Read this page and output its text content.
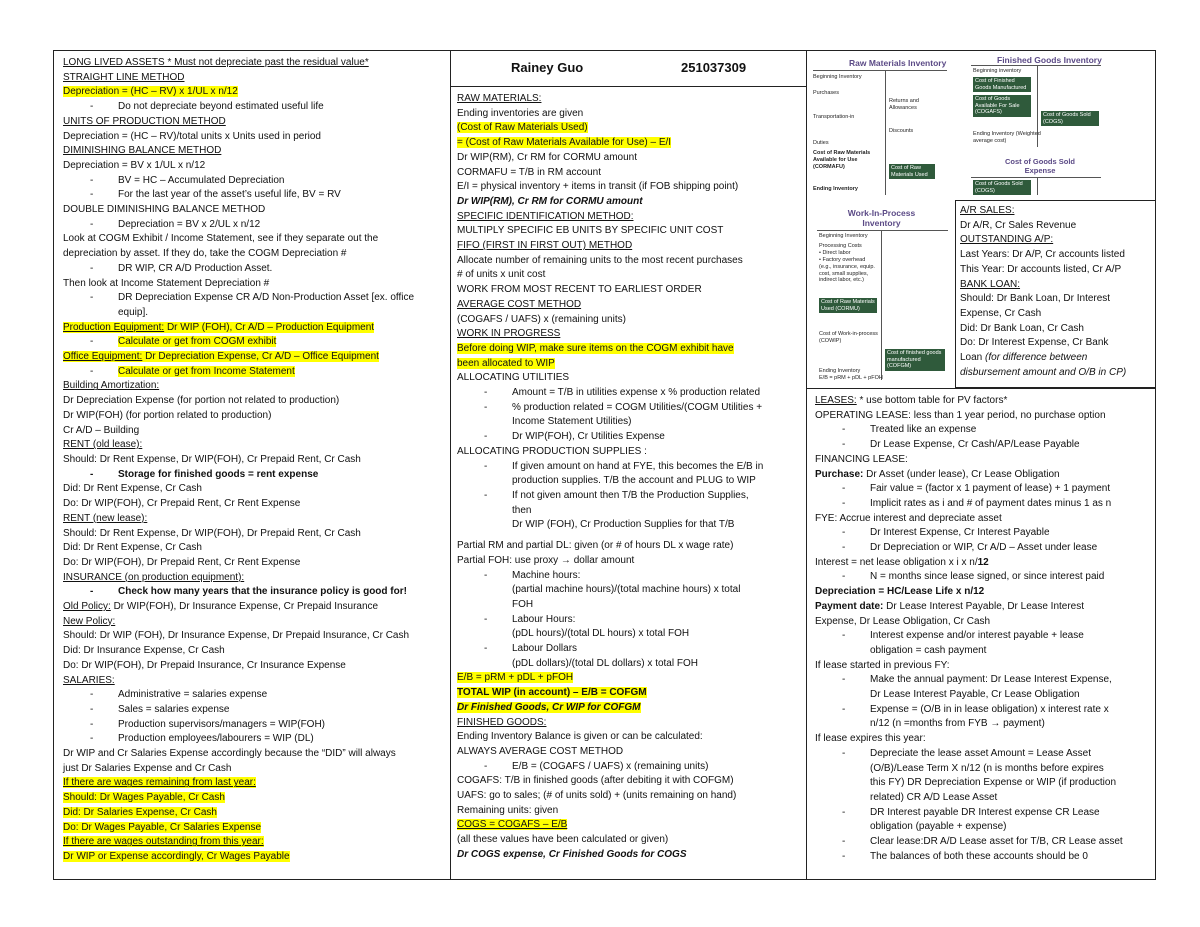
LONG LIVED ASSETS * Must not depreciate past the residual value*
STRAIGHT LINE METHOD
Depreciation = (HC – RV) x 1/UL x n/12
- Do not depreciate beyond estimated useful life
UNITS OF PRODUCTION METHOD
Depreciation = (HC – RV)/total units x Units used in period
DIMINISHING BALANCE METHOD
Depreciation = BV x 1/UL x n/12
- BV = HC – Accumulated Depreciation
- For the last year of the asset’s useful life, BV = RV
DOUBLE DIMINISHING BALANCE METHOD
- Depreciation = BV x 2/UL x n/12
Look at COGM Exhibit / Income Statement, see if they separate out the
depreciation by asset. If they do, take the COGM Depreciation #
- DR WIP, CR A/D Production Asset.
Then look at Income Statement Depreciation #
- DR Depreciation Expense CR A/D Non-Production Asset [ex. office
equip].
Production Equipment: Dr WIP (FOH), Cr A/D – Production Equipment
- Calculate or get from COGM exhibit
Office Equipment: Dr Depreciation Expense, Cr A/D – Office Equipment
- Calculate or get from Income Statement
Building Amortization:
Dr Depreciation Expense (for portion not related to production)
Dr WIP(FOH) (for portion related to production)
Cr A/D – Building
RENT (old lease):
Should: Dr Rent Expense, Dr WIP(FOH), Cr Prepaid Rent, Cr Cash
- Storage for finished goods = rent expense
Did: Dr Rent Expense, Cr Cash
Do: Dr WIP(FOH), Cr Prepaid Rent, Cr Rent Expense
RENT (new lease):
Should: Dr Rent Expense, Dr WIP(FOH), Dr Prepaid Rent, Cr Cash
Did: Dr Rent Expense, Cr Cash
Do: Dr WIP(FOH), Dr Prepaid Rent, Cr Rent Expense
INSURANCE (on production equipment):
- Check how many years that the insurance policy is good for!
Old Policy: Dr WIP(FOH), Dr Insurance Expense, Cr Prepaid Insurance
New Policy:
Should: Dr WIP (FOH), Dr Insurance Expense, Dr Prepaid Insurance, Cr Cash
Did: Dr Insurance Expense, Cr Cash
Do: Dr WIP(FOH), Dr Prepaid Insurance, Cr Insurance Expense
SALARIES:
- Administrative = salaries expense
- Sales = salaries expense
- Production supervisors/managers = WIP(FOH)
- Production employees/labourers = WIP (DL)
Dr WIP and Cr Salaries Expense accordingly because the “DID” will always
just Dr Salaries Expense and Cr Cash
If there are wages remaining from last year:
Should: Dr Wages Payable, Cr Cash
Did: Dr Salaries Expense, Cr Cash
Do: Dr Wages Payable, Cr Salaries Expense
If there are wages outstanding from this year:
Dr WIP or Expense accordingly, Cr Wages Payable
Rainey Guo	251037309
RAW MATERIALS:
Ending inventories are given
(Cost of Raw Materials Used)
= (Cost of Raw Materials Available for Use) – E/I
Dr WIP(RM), Cr RM for CORMU amount
CORMAFU = T/B in RM account
E/I = physical inventory + items in transit (if FOB shipping point)
Dr WIP(RM), Cr RM for CORMU amount
SPECIFIC IDENTIFICATION METHOD:
MULTIPLY SPECIFIC EB UNITS BY SPECIFIC UNIT COST
FIFO (FIRST IN FIRST OUT) METHOD
Allocate number of remaining units to the most recent purchases
# of units x unit cost
WORK FROM MOST RECENT TO EARLIEST ORDER
AVERAGE COST METHOD
(COGAFS / UAFS) x (remaining units)
WORK IN PROGRESS
Before doing WIP, make sure items on the COGM exhibit have
been allocated to WIP
ALLOCATING UTILITIES
- Amount = T/B in utilities expense x % production related
- % production related = COGM Utilities/(COGM Utilities +
Income Statement Utilities)
- Dr WIP(FOH), Cr Utilities Expense
ALLOCATING PRODUCTION SUPPLIES :
- If given amount on hand at FYE, this becomes the E/B in
production supplies. T/B the account and PLUG to WIP
- If not given amount then T/B the Production Supplies,
then
Dr WIP (FOH), Cr Production Supplies for that T/B
Partial RM and partial DL: given (or # of hours DL x wage rate)
Partial FOH: use proxy → dollar amount
- Machine hours:
(partial machine hours)/(total machine hours) x total
FOH
- Labour Hours:
(pDL hours)/(total DL hours) x total FOH
- Labour Dollars
(pDL dollars)/(total DL dollars) x total FOH
E/B = pRM + pDL + pFOH
TOTAL WIP (in account) – E/B = COFGM
Dr Finished Goods, Cr WIP for COFGM
FINISHED GOODS:
Ending Inventory Balance is given or can be calculated:
ALWAYS AVERAGE COST METHOD
- E/B = (COGAFS / UAFS) x (remaining units)
COGAFS: T/B in finished goods (after debiting it with COFGM)
UAFS: go to sales; (# of units sold) + (units remaining on hand)
Remaining units: given
COGS = COGAFS – E/B
(all these values have been calculated or given)
Dr COGS expense, Cr Finished Goods for COGS
Raw Materials Inventory
Beginning Inventory
Purchases
Returns and Allowances
Transportation-in
Discounts
Duties
Cost of Raw Materials Available for Use (CORMAFU)	Cost of Raw Materials Used
Ending Inventory
Finished Goods Inventory
Beginning inventory
Cost of Finished Goods Manufactured
Cost of Goods Available For Sale (COGAFS)	Cost of Goods Sold (COGS)
Ending Inventory (Weighted average cost)
Cost of Goods Sold Expense
Cost of Goods Sold (COGS)
Work-In-Process Inventory
Beginning Inventory
Processing Costs
• Direct labor
• Factory overhead (e.g., insurance, equip. cost, small supplies, indirect labor, etc.)
Cost of Raw Materials Used (CORMU)
Cost of Work-in-process (COWIP)
Cost of finished goods manufactured (COFGM)
Ending Inventory
E/B = pRM + pDL + pFOH
A/R SALES:
Dr A/R, Cr Sales Revenue
OUTSTANDING A/P:
Last Years: Dr A/P, Cr accounts listed
This Year: Dr accounts listed, Cr A/P
BANK LOAN:
Should: Dr Bank Loan, Dr Interest
Expense, Cr Cash
Did: Dr Bank Loan, Cr Cash
Do: Dr Interest Expense, Cr Bank
Loan (for difference between
disbursement amount and O/B in CP)
LEASES: * use bottom table for PV factors*
OPERATING LEASE: less than 1 year period, no purchase option
- Treated like an expense
- Dr Lease Expense, Cr Cash/AP/Lease Payable
FINANCING LEASE:
Purchase: Dr Asset (under lease), Cr Lease Obligation
- Fair value = (factor x 1 payment of lease) + 1 payment
- Implicit rates as i and # of payment dates minus 1 as n
FYE: Accrue interest and depreciate asset
- Dr Interest Expense, Cr Interest Payable
- Dr Depreciation or WIP, Cr A/D – Asset under lease
Interest = net lease obligation x i x n/12
- N = months since lease signed, or since interest paid
Depreciation = HC/Lease Life x n/12
Payment date: Dr Lease Interest Payable, Dr Lease Interest
Expense, Dr Lease Obligation, Cr Cash
- Interest expense and/or interest payable + lease
obligation = cash payment
If lease started in previous FY:
- Make the annual payment: Dr Lease Interest Expense,
Dr Lease Interest Payable, Cr Lease Obligation
- Expense = (O/B in in lease obligation) x interest rate x
n/12 (n =months from FYB → payment)
If lease expires this year:
- Depreciate the lease asset Amount = Lease Asset
(O/B)/Lease Term X n/12 (n is months before expires
this FY) DR Depreciation Expense or WIP (if production
related) CR A/D Lease Asset
- DR Interest payable DR Interest expense CR Lease
obligation (payable + expense)
- Clear lease:DR A/D Lease asset for T/B, CR Lease asset
- The balances of both these accounts should be 0
